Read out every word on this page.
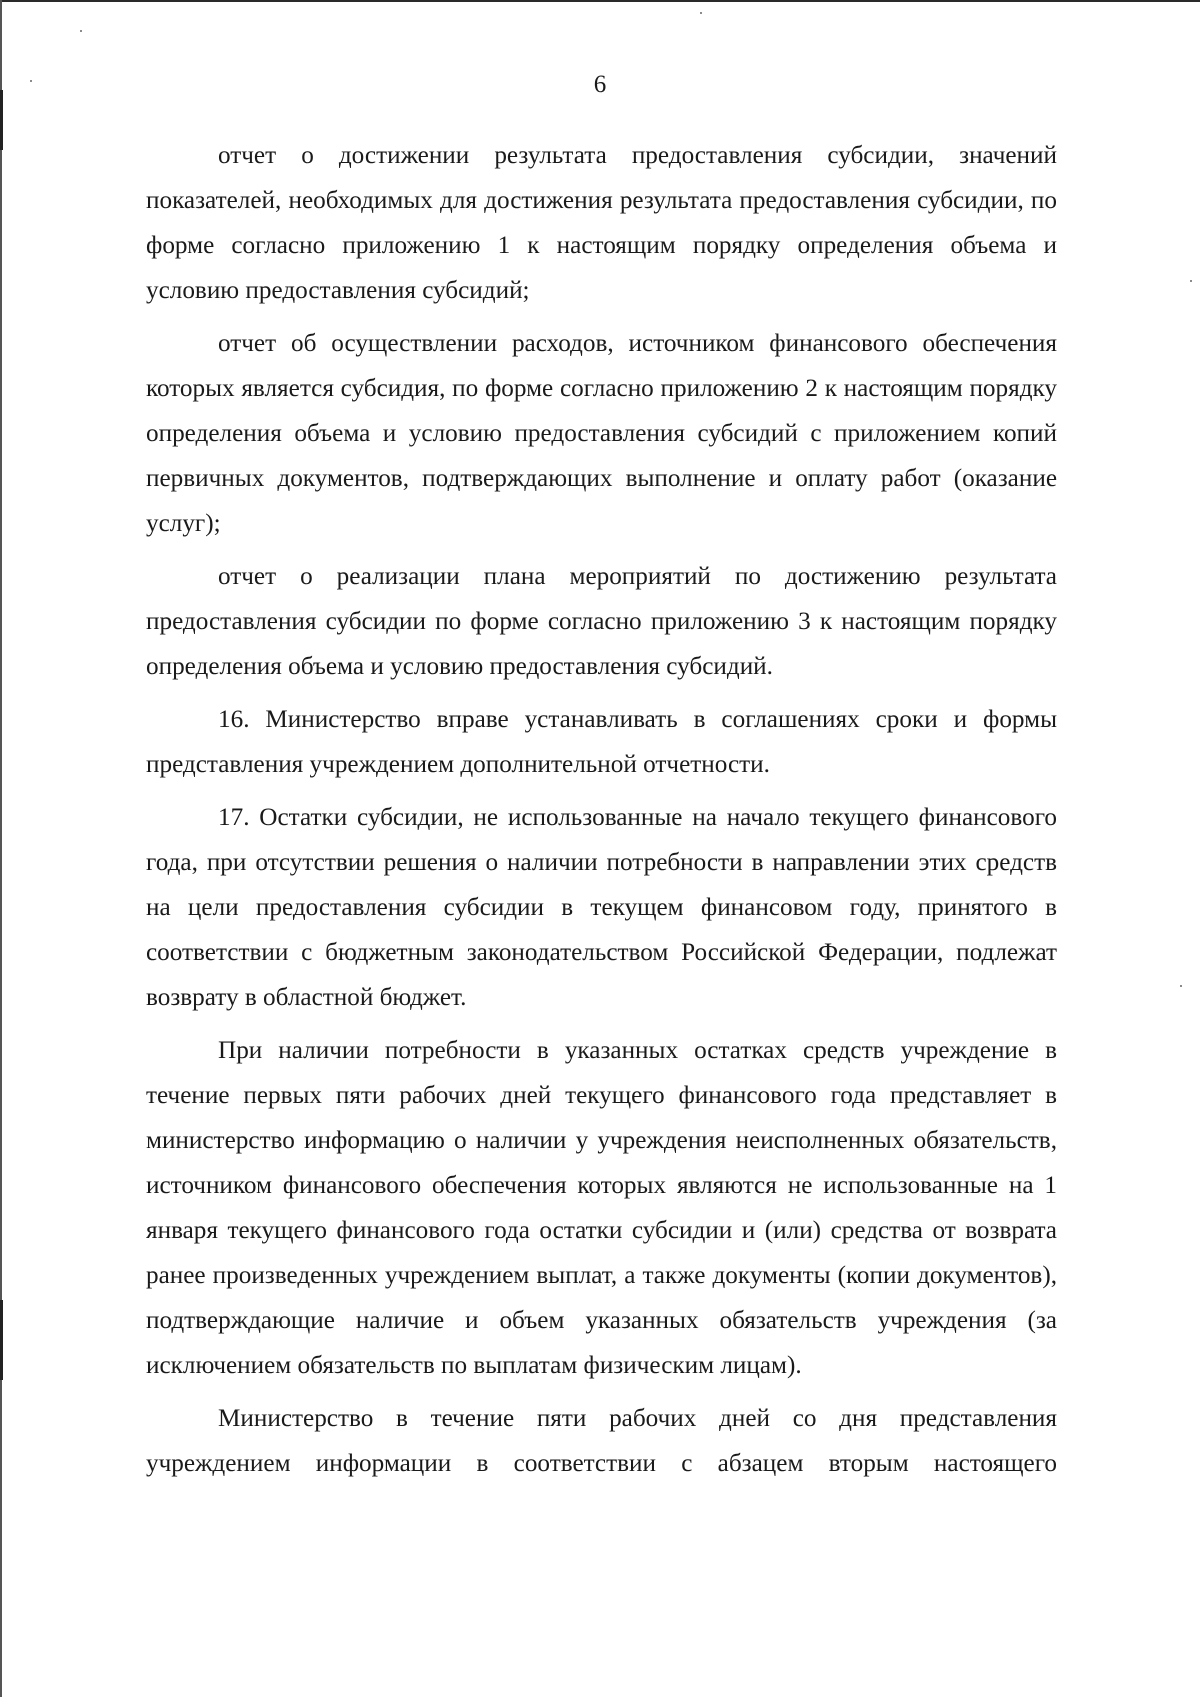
6

отчет о достижении результата предоставления субсидии, значений показателей, необходимых для достижения результата предоставления субсидии, по форме согласно приложению 1 к настоящим порядку определения объема и условию предоставления субсидий;

отчет об осуществлении расходов, источником финансового обеспечения которых является субсидия, по форме согласно приложению 2 к настоящим порядку определения объема и условию предоставления субсидий с приложением копий первичных документов, подтверждающих выполнение и оплату работ (оказание услуг);

отчет о реализации плана мероприятий по достижению результата предоставления субсидии по форме согласно приложению 3 к настоящим порядку определения объема и условию предоставления субсидий.

16. Министерство вправе устанавливать в соглашениях сроки и формы представления учреждением дополнительной отчетности.

17. Остатки субсидии, не использованные на начало текущего финансового года, при отсутствии решения о наличии потребности в направлении этих средств на цели предоставления субсидии в текущем финансовом году, принятого в соответствии с бюджетным законодательством Российской Федерации, подлежат возврату в областной бюджет.

При наличии потребности в указанных остатках средств учреждение в течение первых пяти рабочих дней текущего финансового года представляет в министерство информацию о наличии у учреждения неисполненных обязательств, источником финансового обеспечения которых являются не использованные на 1 января текущего финансового года остатки субсидии и (или) средства от возврата ранее произведенных учреждением выплат, а также документы (копии документов), подтверждающие наличие и объем указанных обязательств учреждения (за исключением обязательств по выплатам физическим лицам).

Министерство в течение пяти рабочих дней со дня представления учреждением информации в соответствии с абзацем вторым настоящего
